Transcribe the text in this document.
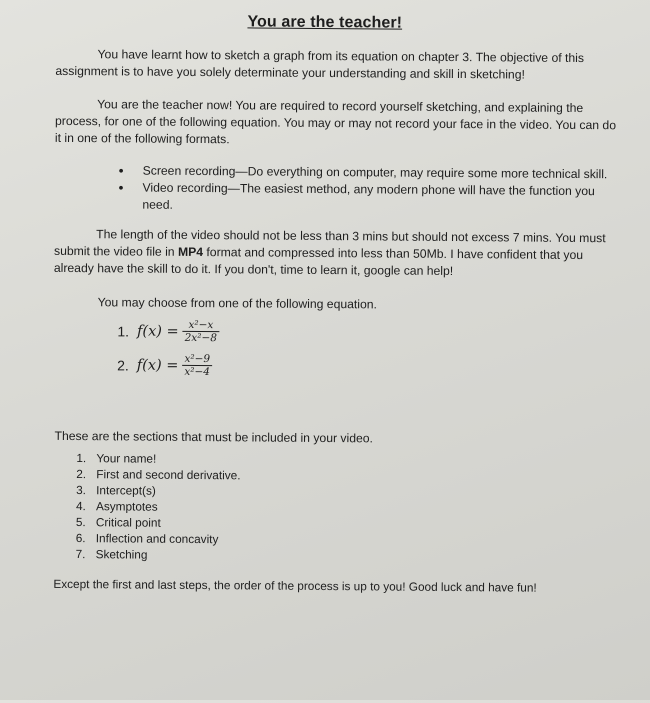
You are the teacher!

You have learnt how to sketch a graph from its equation on chapter 3. The objective of this assignment is to have you solely determinate your understanding and skill in sketching!

You are the teacher now! You are required to record yourself sketching, and explaining the process, for one of the following equation. You may or may not record your face in the video. You can do it in one of the following formats.

• Screen recording—Do everything on computer, may require some more technical skill.
• Video recording—The easiest method, any modern phone will have the function you need.

The length of the video should not be less than 3 mins but should not excess 7 mins. You must submit the video file in MP4 format and compressed into less than 50Mb. I have confident that you already have the skill to do it. If you don't, time to learn it, google can help!

You may choose from one of the following equation.

1. $f(x) = \frac{\text{x²−x}}{\text{2x²−8}}$
2. $f(x) = \frac{\text{x²−9}}{\text{x²−4}}$

These are the sections that must be included in your video.

1. Your name!
2. First and second derivative.
3. Intercept(s)
4. Asymptotes
5. Critical point
6. Inflection and concavity
7. Sketching

Except the first and last steps, the order of the process is up to you! Good luck and have fun!
